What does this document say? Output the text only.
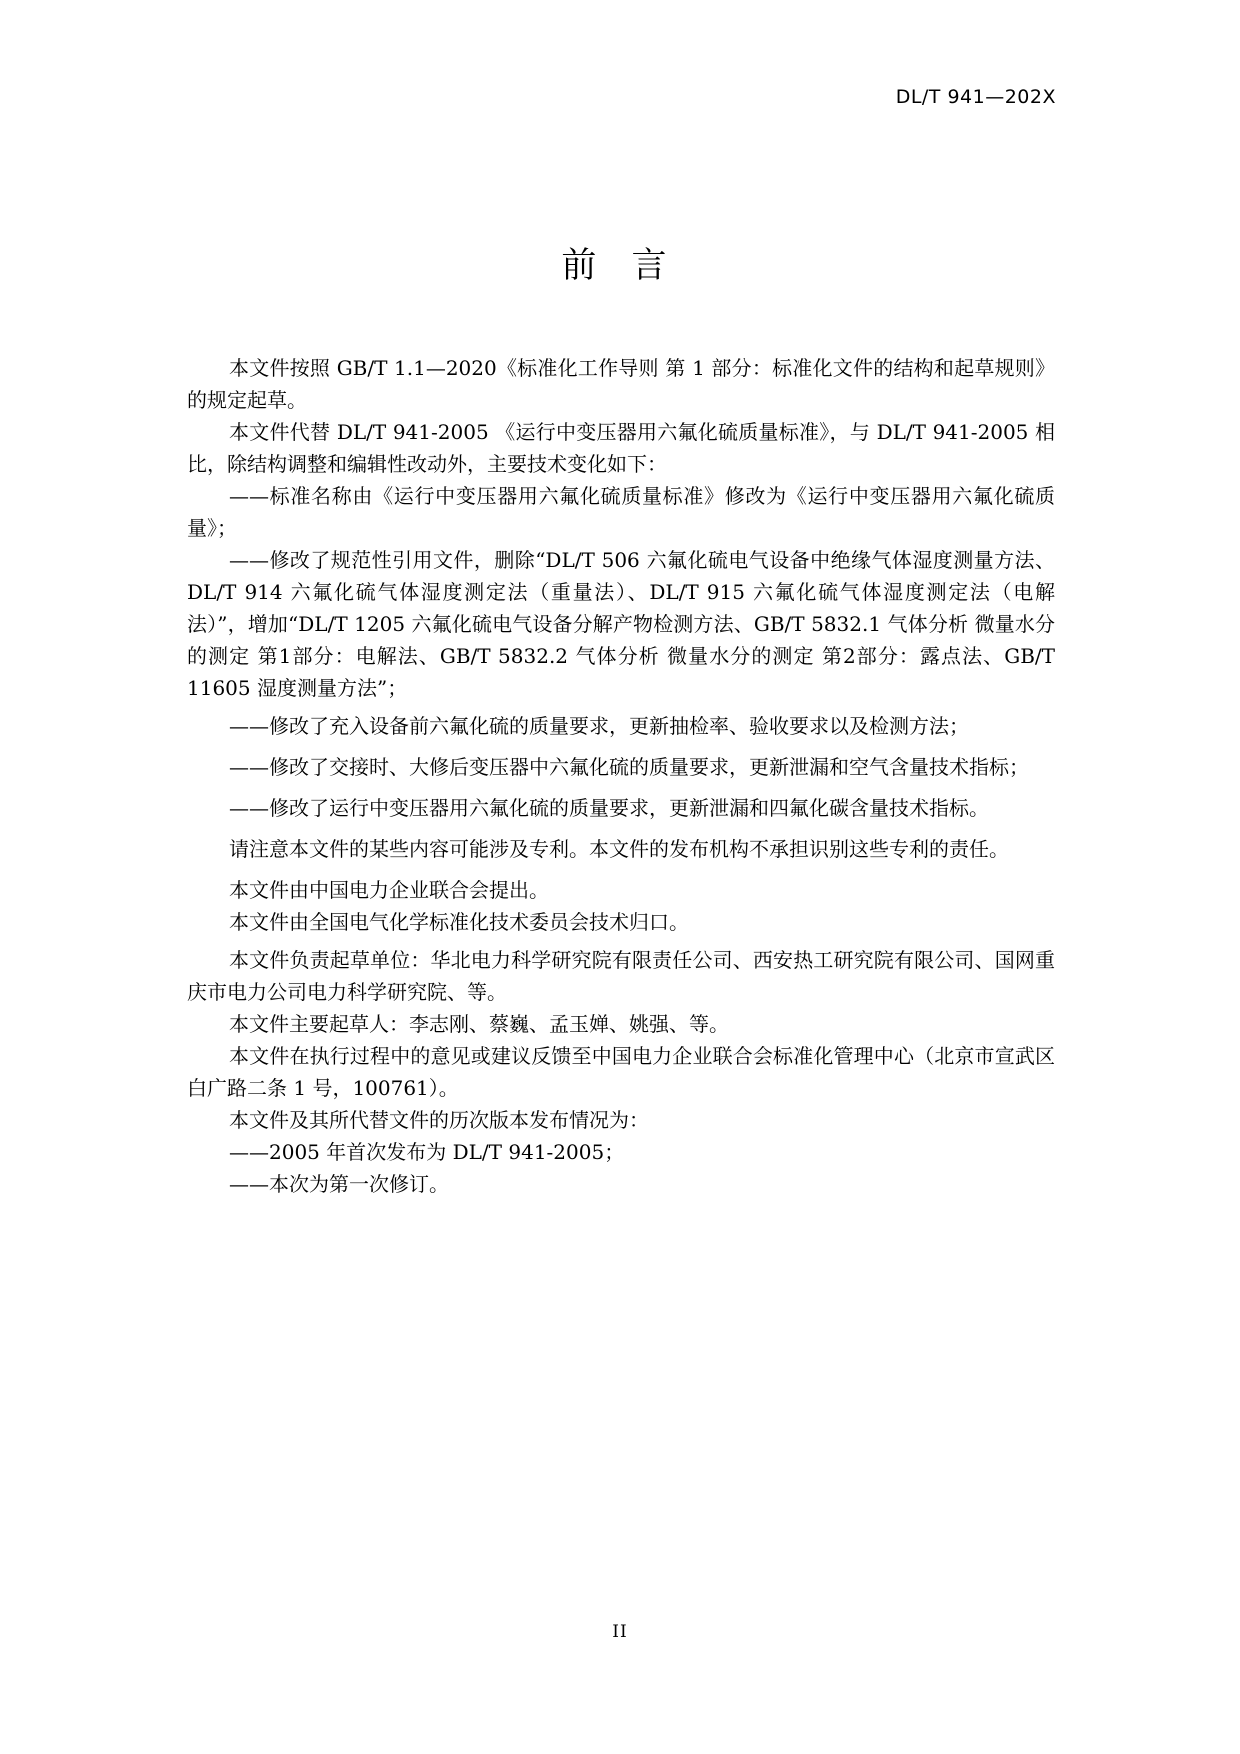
DL/T 941—202X
前 言

本文件按照 GB/T 1.1—2020《标准化工作导则 第 1 部分：标准化文件的结构和起草规则》的规定起草。

本文件代替 DL/T 941-2005 《运行中变压器用六氟化硫质量标准》，与 DL/T 941-2005 相比，除结构调整和编辑性改动外，主要技术变化如下：

——标准名称由《运行中变压器用六氟化硫质量标准》修改为《运行中变压器用六氟化硫质量》；

——修改了规范性引用文件，删除“DL/T 506 六氟化硫电气设备中绝缘气体湿度测量方法、DL/T 914 六氟化硫气体湿度测定法（重量法）、DL/T 915 六氟化硫气体湿度测定法（电解法）”，增加“DL/T 1205 六氟化硫电气设备分解产物检测方法、GB/T 5832.1 气体分析 微量水分的测定 第1部分：电解法、GB/T 5832.2 气体分析 微量水分的测定 第2部分：露点法、GB/T 11605 湿度测量方法”；

——修改了充入设备前六氟化硫的质量要求，更新抽检率、验收要求以及检测方法；

——修改了交接时、大修后变压器中六氟化硫的质量要求，更新泄漏和空气含量技术指标；

——修改了运行中变压器用六氟化硫的质量要求，更新泄漏和四氟化碳含量技术指标。

请注意本文件的某些内容可能涉及专利。本文件的发布机构不承担识别这些专利的责任。

本文件由中国电力企业联合会提出。

本文件由全国电气化学标准化技术委员会技术归口。

本文件负责起草单位：华北电力科学研究院有限责任公司、西安热工研究院有限公司、国网重庆市电力公司电力科学研究院、等。

本文件主要起草人：李志刚、蔡巍、孟玉婵、姚强、等。

本文件在执行过程中的意见或建议反馈至中国电力企业联合会标准化管理中心（北京市宣武区白广路二条 1 号，100761）。

本文件及其所代替文件的历次版本发布情况为：

——2005 年首次发布为 DL/T 941-2005；

——本次为第一次修订。

II
